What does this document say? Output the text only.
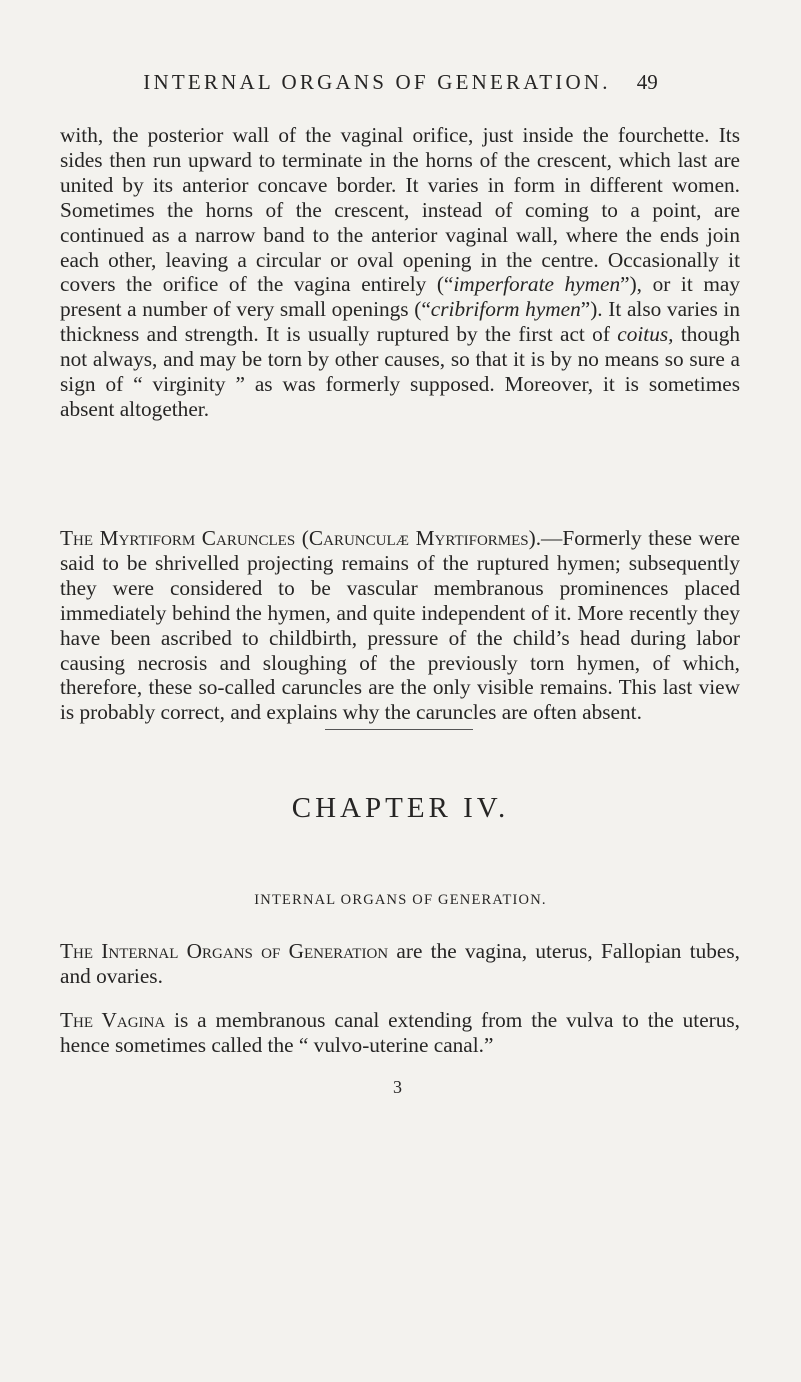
INTERNAL ORGANS OF GENERATION. 49
with, the posterior wall of the vaginal orifice, just inside the fourchette. Its sides then run upward to terminate in the horns of the crescent, which last are united by its anterior concave border. It varies in form in different women. Sometimes the horns of the crescent, instead of coming to a point, are continued as a narrow band to the anterior vaginal wall, where the ends join each other, leaving a circular or oval opening in the centre. Occasionally it covers the orifice of the vagina entirely (“imperforate hymen”), or it may present a number of very small openings (“cribriform hymen”). It also varies in thickness and strength. It is usually ruptured by the first act of coitus, though not always, and may be torn by other causes, so that it is by no means so sure a sign of “ virginity ” as was formerly supposed. Moreover, it is sometimes absent altogether.
The Myrtiform Caruncles (Carunculæ Myrtiformes).—Formerly these were said to be shrivelled projecting remains of the ruptured hymen; subsequently they were considered to be vascular membranous prominences placed immediately behind the hymen, and quite independent of it. More recently they have been ascribed to childbirth, pressure of the child’s head during labor causing necrosis and sloughing of the previously torn hymen, of which, therefore, these so-called caruncles are the only visible remains. This last view is probably correct, and explains why the caruncles are often absent.
CHAPTER IV.
INTERNAL ORGANS OF GENERATION.
The Internal Organs of Generation are the vagina, uterus, Fallopian tubes, and ovaries.
The Vagina is a membranous canal extending from the vulva to the uterus, hence sometimes called the “ vulvo-uterine canal.”
3
